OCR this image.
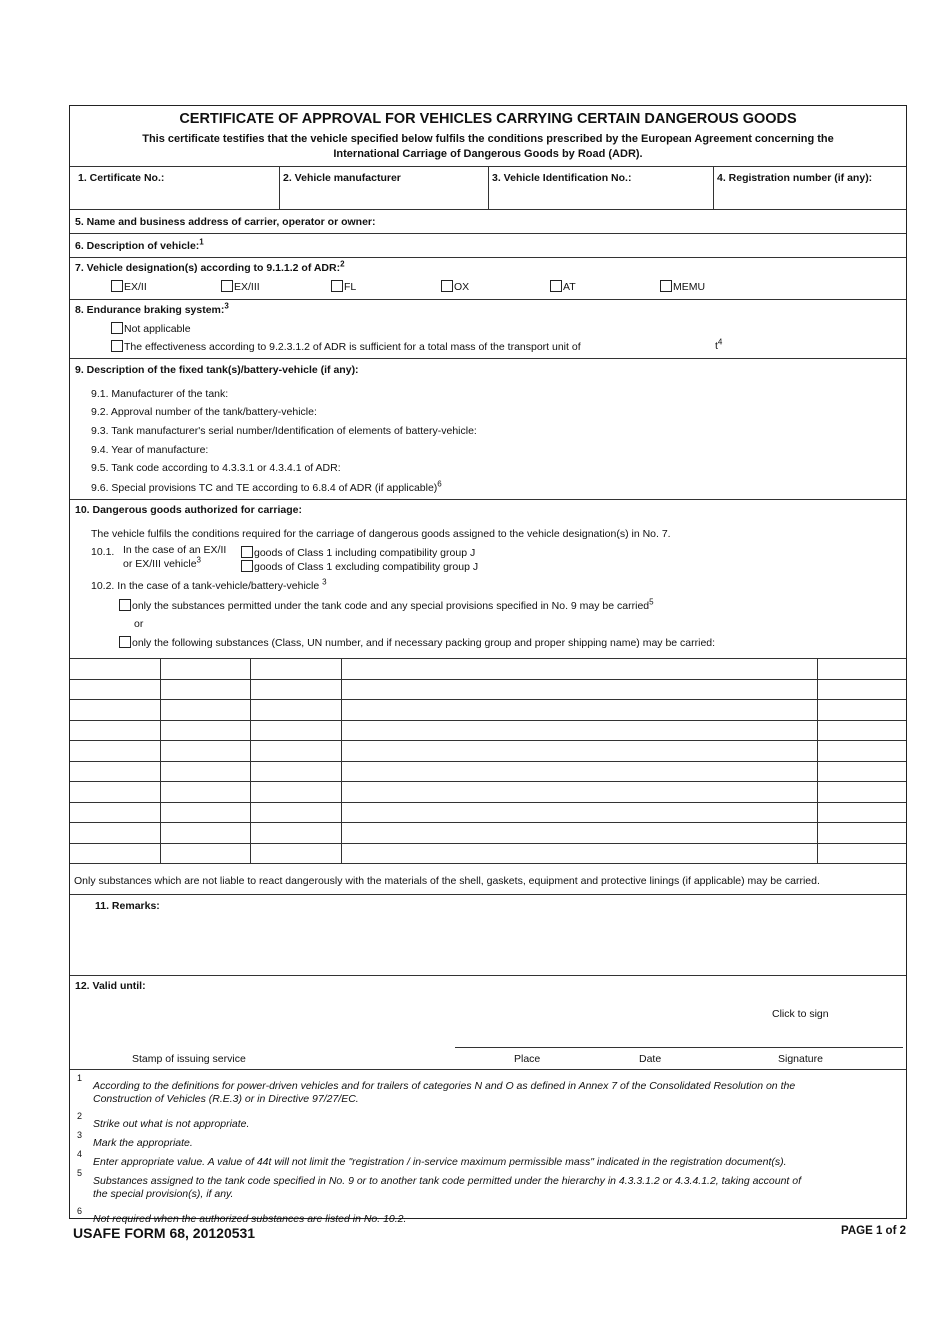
CERTIFICATE OF APPROVAL FOR VEHICLES CARRYING CERTAIN DANGEROUS GOODS
This certificate testifies that the vehicle specified below fulfils the conditions prescribed by the European Agreement concerning the
International Carriage of Dangerous Goods by Road (ADR).
1. Certificate No.:	2. Vehicle manufacturer	3. Vehicle Identification No.:	4. Registration number (if any):
5. Name and business address of carrier, operator or owner:
6. Description of vehicle:$^1$
7. Vehicle designation(s) according to 9.1.1.2 of ADR:$^2$
EX/II	EX/III	FL	OX	AT	MEMU
8. Endurance braking system:$^3$
Not applicable
The effectiveness according to 9.2.3.1.2 of ADR is sufficient for a total mass of the transport unit of	$t^4$
9. Description of the fixed tank(s)/battery-vehicle (if any):
9.1. Manufacturer of the tank:
9.2. Approval number of the tank/battery-vehicle:
9.3. Tank manufacturer's serial number/Identification of elements of battery-vehicle:
9.4. Year of manufacture:
9.5. Tank code according to 4.3.3.1 or 4.3.4.1 of ADR:
9.6. Special provisions TC and TE according to 6.8.4 of ADR (if applicable)$^6$
10. Dangerous goods authorized for carriage:
The vehicle fulfils the conditions required for the carriage of dangerous goods assigned to the vehicle designation(s) in No. 7.
10.1. In the case of an EX/II
or EX/III vehicle$^3$
goods of Class 1 including compatibility group J
goods of Class 1 excluding compatibility group J
10.2. In the case of a tank-vehicle/battery-vehicle $^3$
only the substances permitted under the tank code and any special provisions specified in No. 9 may be carried$^5$
or
only the following substances (Class, UN number, and if necessary packing group and proper shipping name) may be carried:
Only substances which are not liable to react dangerously with the materials of the shell, gaskets, equipment and protective linings (if applicable) may be carried.
11. Remarks:
12. Valid until:
Click to sign
Stamp of issuing service	Place	Date	Signature
1
According to the definitions for power-driven vehicles and for trailers of categories N and O as defined in Annex 7 of the Consolidated Resolution on the
Construction of Vehicles (R.E.3) or in Directive 97/27/EC.
2
Strike out what is not appropriate.
3
Mark the appropriate.
4
Enter appropriate value. A value of 44t will not limit the "registration / in-service maximum permissible mass" indicated in the registration document(s).
5
Substances assigned to the tank code specified in No. 9 or to another tank code permitted under the hierarchy in 4.3.3.1.2 or 4.3.4.1.2, taking account of
the special provision(s), if any.
6
Not required when the authorized substances are listed in No. 10.2.
USAFE FORM 68, 20120531	PAGE 1 of 2
